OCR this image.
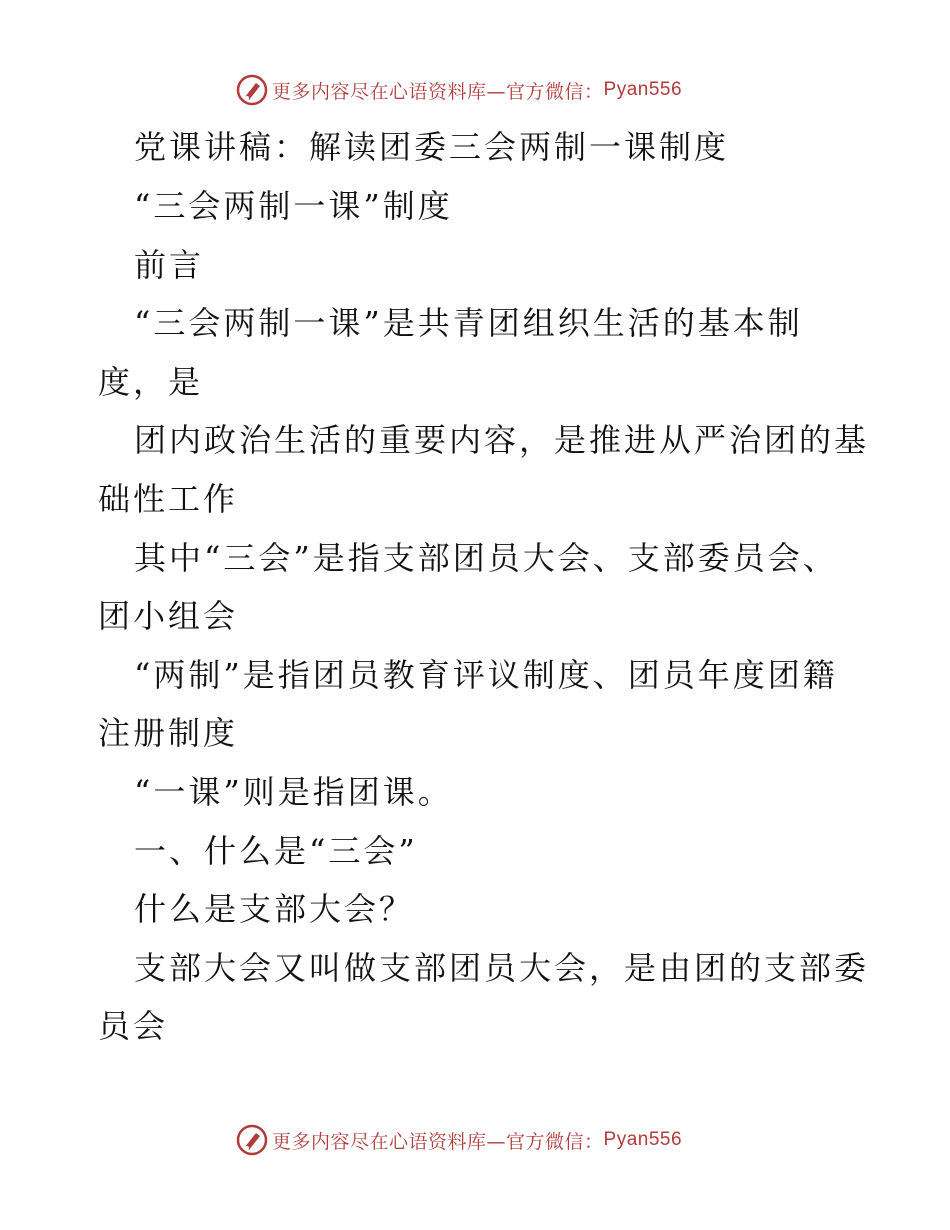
更多内容尽在心语资料库—官方微信： Pyan556
党课讲稿：解读团委三会两制一课制度
“三会两制一课”制度
前言
“三会两制一课”是共青团组织生活的基本制
度，是
团内政治生活的重要内容，是推进从严治团的基
础性工作
其中“三会”是指支部团员大会、支部委员会、
团小组会
“两制”是指团员教育评议制度、团员年度团籍
注册制度
“一课”则是指团课。
一、什么是“三会”
什么是支部大会？
支部大会又叫做支部团员大会，是由团的支部委
员会
更多内容尽在心语资料库—官方微信： Pyan556
